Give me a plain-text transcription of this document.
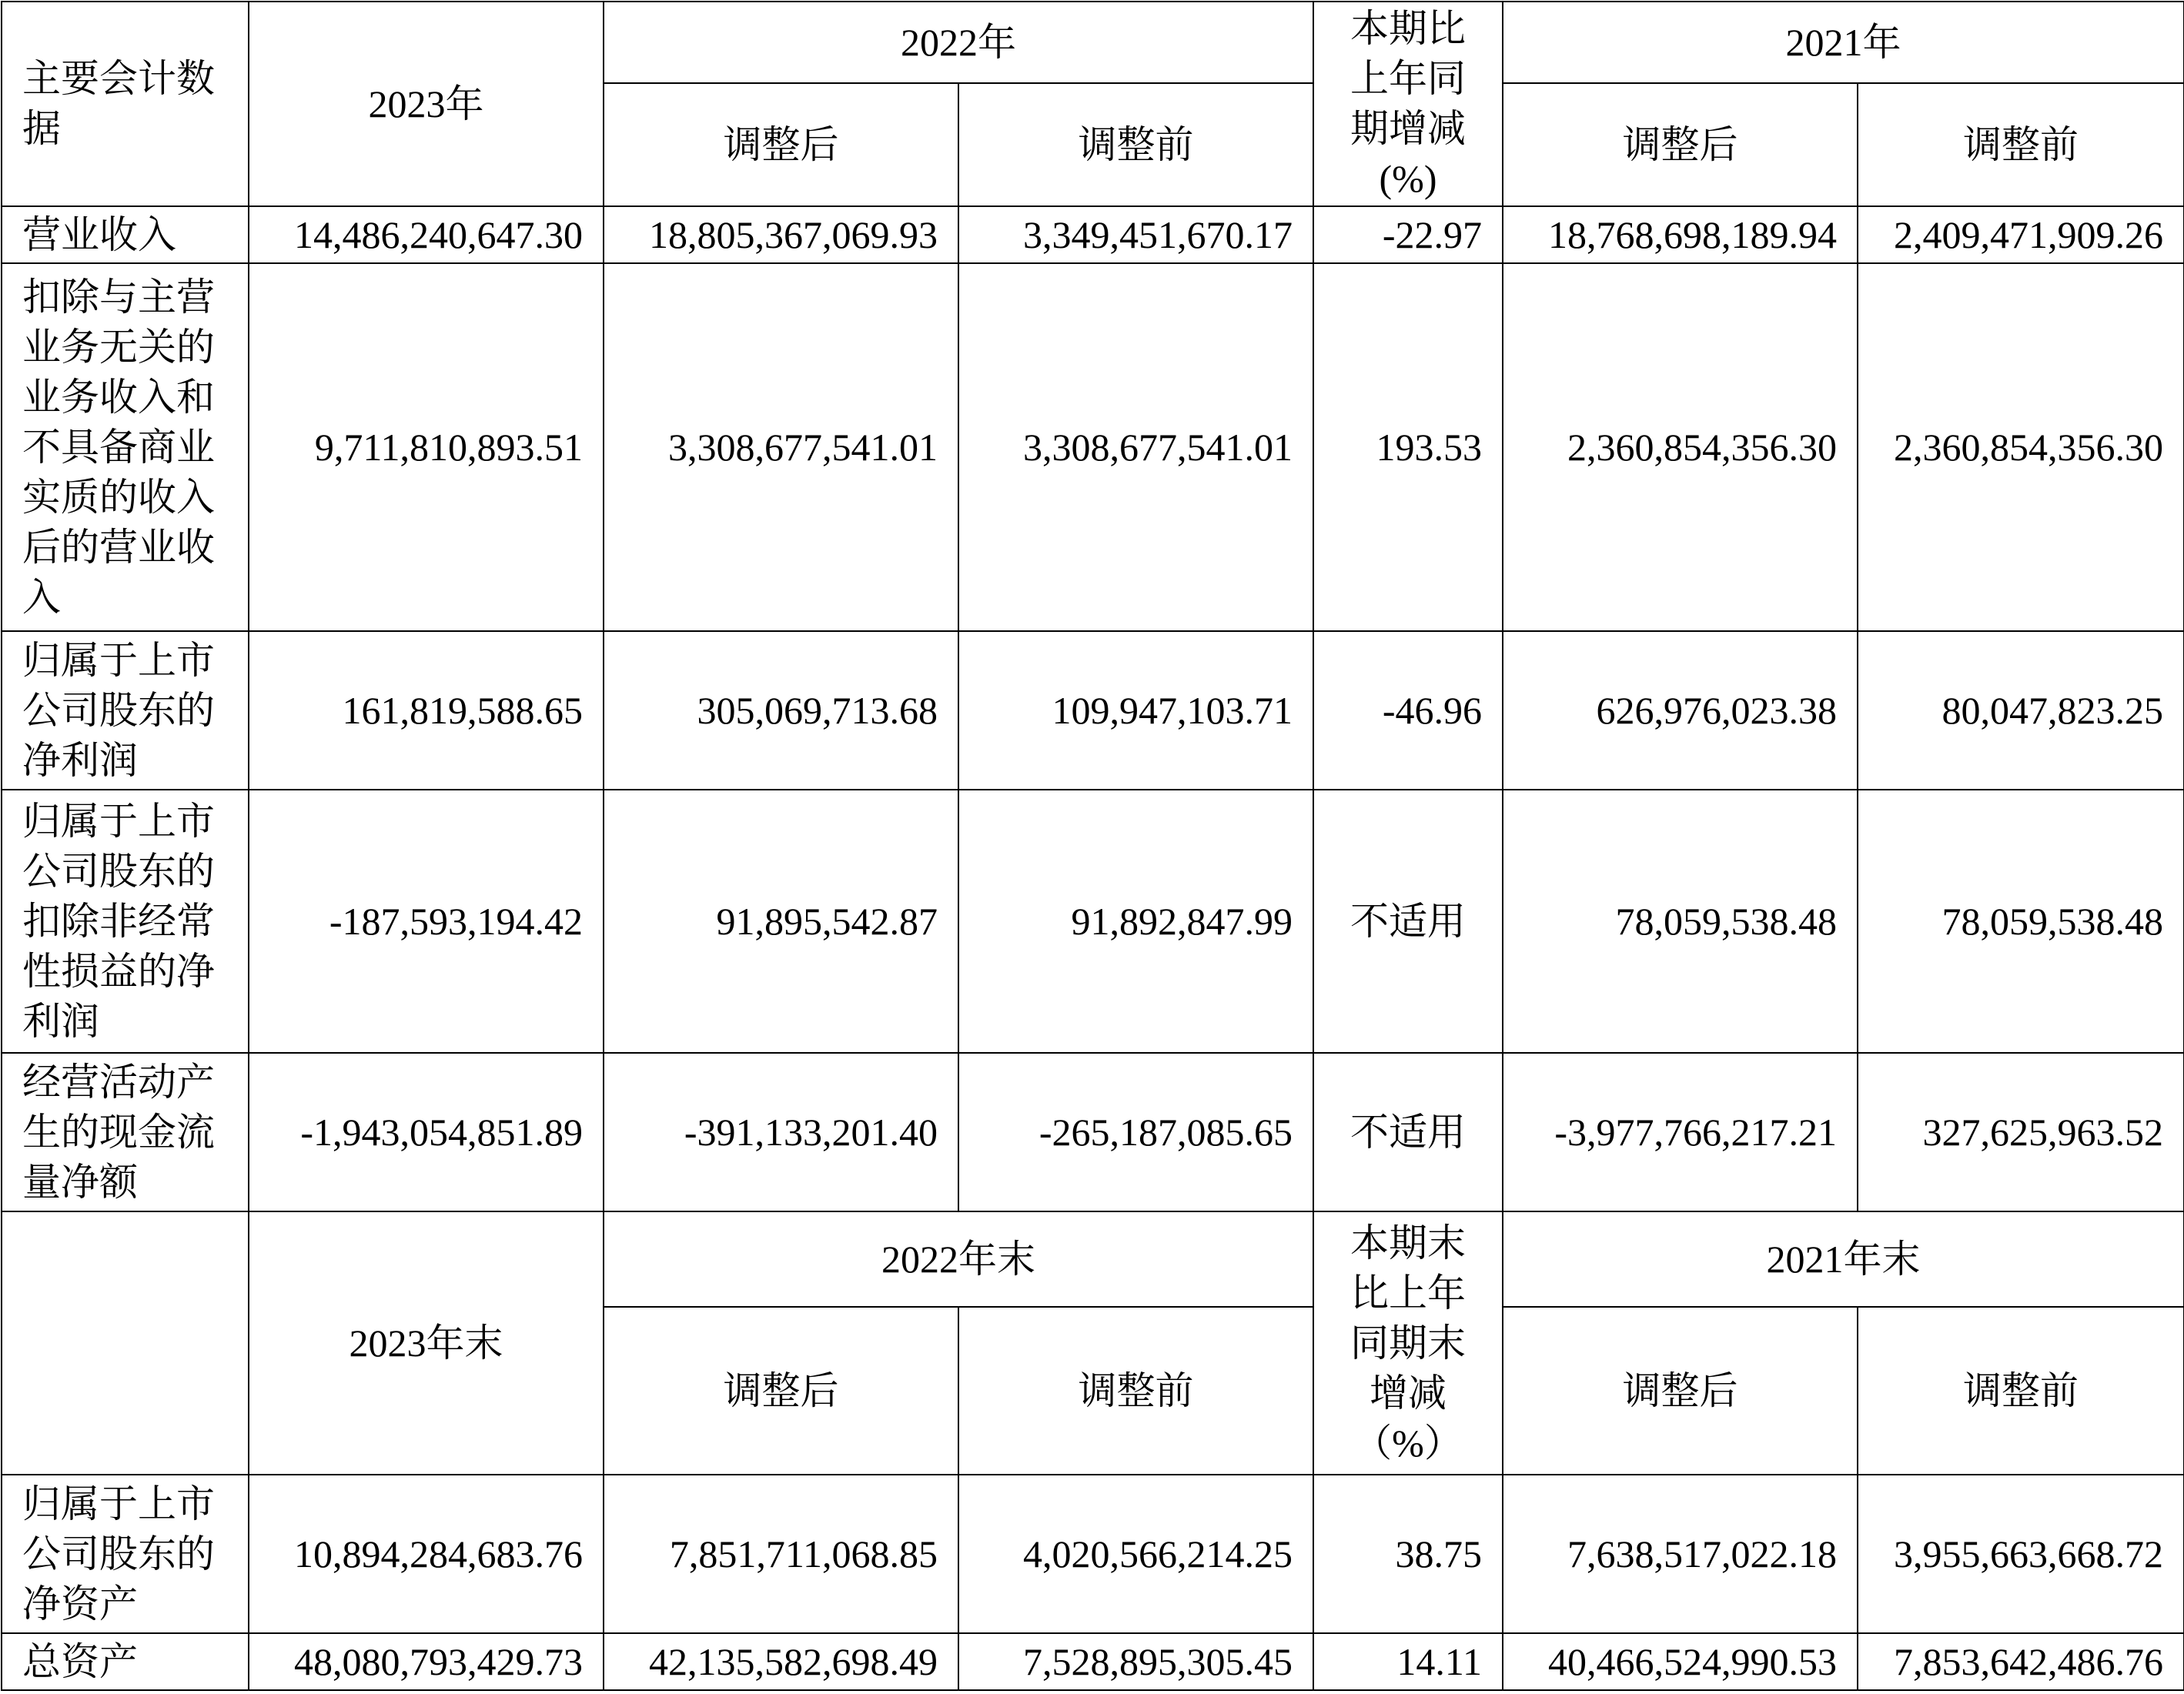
主要会计数据	2023年	2022年		本期比上年同期增减(%)	2021年	
		调整后	调整前		调整后	调整前
营业收入	14,486,240,647.30	18,805,367,069.93	3,349,451,670.17	-22.97	18,768,698,189.94	2,409,471,909.26
扣除与主营业务无关的业务收入和不具备商业实质的收入后的营业收入	9,711,810,893.51	3,308,677,541.01	3,308,677,541.01	193.53	2,360,854,356.30	2,360,854,356.30
归属于上市公司股东的净利润	161,819,588.65	305,069,713.68	109,947,103.71	-46.96	626,976,023.38	80,047,823.25
归属于上市公司股东的扣除非经常性损益的净利润	-187,593,194.42	91,895,542.87	91,892,847.99	不适用	78,059,538.48	78,059,538.48
经营活动产生的现金流量净额	-1,943,054,851.89	-391,133,201.40	-265,187,085.65	不适用	-3,977,766,217.21	327,625,963.52
	2023年末	2022年末		本期末比上年同期末增减（%）	2021年末	
		调整后	调整前		调整后	调整前
归属于上市公司股东的净资产	10,894,284,683.76	7,851,711,068.85	4,020,566,214.25	38.75	7,638,517,022.18	3,955,663,668.72
总资产	48,080,793,429.73	42,135,582,698.49	7,528,895,305.45	14.11	40,466,524,990.53	7,853,642,486.76
